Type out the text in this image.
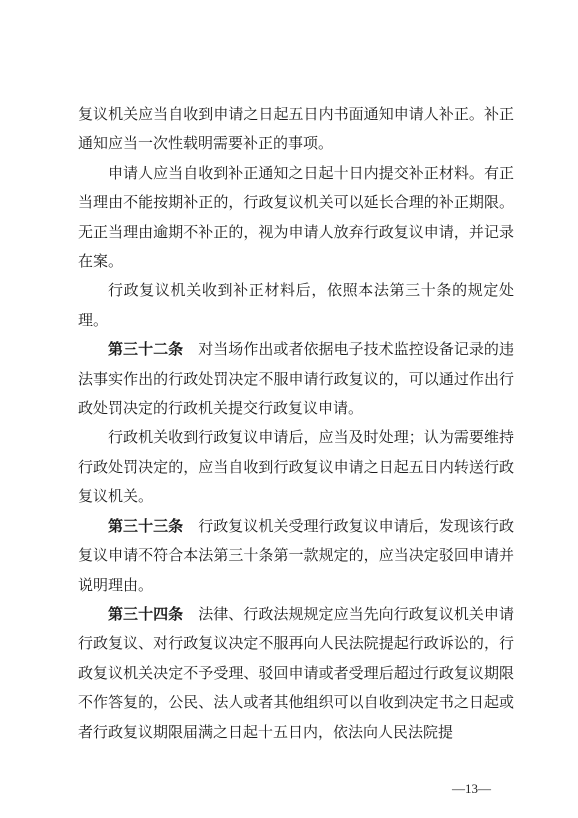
复议机关应当自收到申请之日起五日内书面通知申请人补正。补正通知应当一次性载明需要补正的事项。

申请人应当自收到补正通知之日起十日内提交补正材料。有正当理由不能按期补正的，行政复议机关可以延长合理的补正期限。无正当理由逾期不补正的，视为申请人放弃行政复议申请，并记录在案。

行政复议机关收到补正材料后，依照本法第三十条的规定处理。

第三十二条　 对当场作出或者依据电子技术监控设备记录的违法事实作出的行政处罚决定不服申请行政复议的，可以通过作出行政处罚决定的行政机关提交行政复议申请。

行政机关收到行政复议申请后，应当及时处理；认为需要维持行政处罚决定的，应当自收到行政复议申请之日起五日内转送行政复议机关。

第三十三条　 行政复议机关受理行政复议申请后，发现该行政复议申请不符合本法第三十条第一款规定的，应当决定驳回申请并说明理由。

第三十四条　 法律、行政法规规定应当先向行政复议机关申请行政复议、对行政复议决定不服再向人民法院提起行政诉讼的，行政复议机关决定不予受理、驳回申请或者受理后超过行政复议期限不作答复的，公民、法人或者其他组织可以自收到决定书之日起或者行政复议期限届满之日起十五日内，依法向人民法院提

—13—
